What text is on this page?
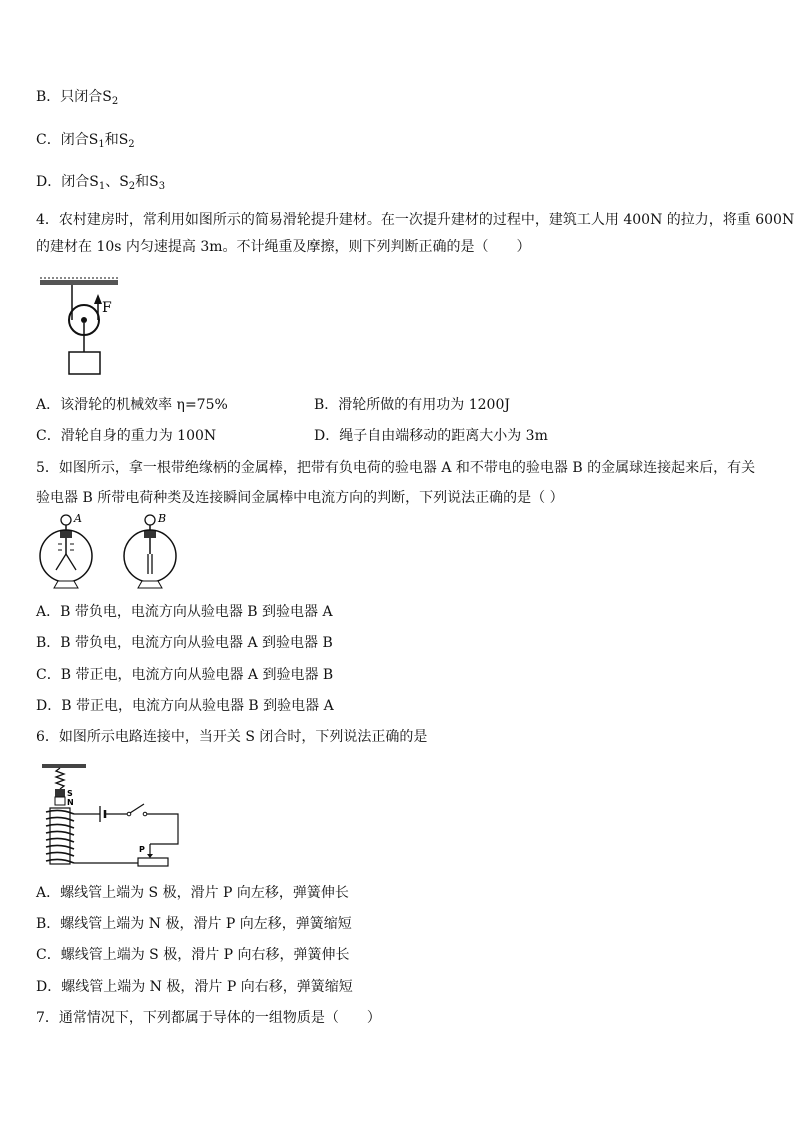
B．只闭合$S_2$
C．闭合$S_1$和$S_2$
D．闭合$S_1$、$S_2$和$S_3$
4．农村建房时，常利用如图所示的简易滑轮提升建材。在一次提升建材的过程中，建筑工人用 400N 的拉力，将重 600N
的建材在 10s 内匀速提高 3m。不计绳重及摩擦，则下列判断正确的是（　　）
F
A．该滑轮的机械效率 η=75%	B．滑轮所做的有用功为 1200J
C．滑轮自身的重力为 100N	D．绳子自由端移动的距离大小为 3m
5．如图所示，拿一根带绝缘柄的金属棒，把带有负电荷的验电器 A 和不带电的验电器 B 的金属球连接起来后，有关
验电器 B 所带电荷种类及连接瞬间金属棒中电流方向的判断，下列说法正确的是（ ）
A	B
A．B 带负电，电流方向从验电器 B 到验电器 A
B．B 带负电，电流方向从验电器 A 到验电器 B
C．B 带正电，电流方向从验电器 A 到验电器 B
D．B 带正电，电流方向从验电器 B 到验电器 A
6．如图所示电路连接中，当开关 S 闭合时，下列说法正确的是
S
N
P
A．螺线管上端为 S 极，滑片 P 向左移，弹簧伸长
B．螺线管上端为 N 极，滑片 P 向左移，弹簧缩短
C．螺线管上端为 S 极，滑片 P 向右移，弹簧伸长
D．螺线管上端为 N 极，滑片 P 向右移，弹簧缩短
7．通常情况下，下列都属于导体的一组物质是（　　）
